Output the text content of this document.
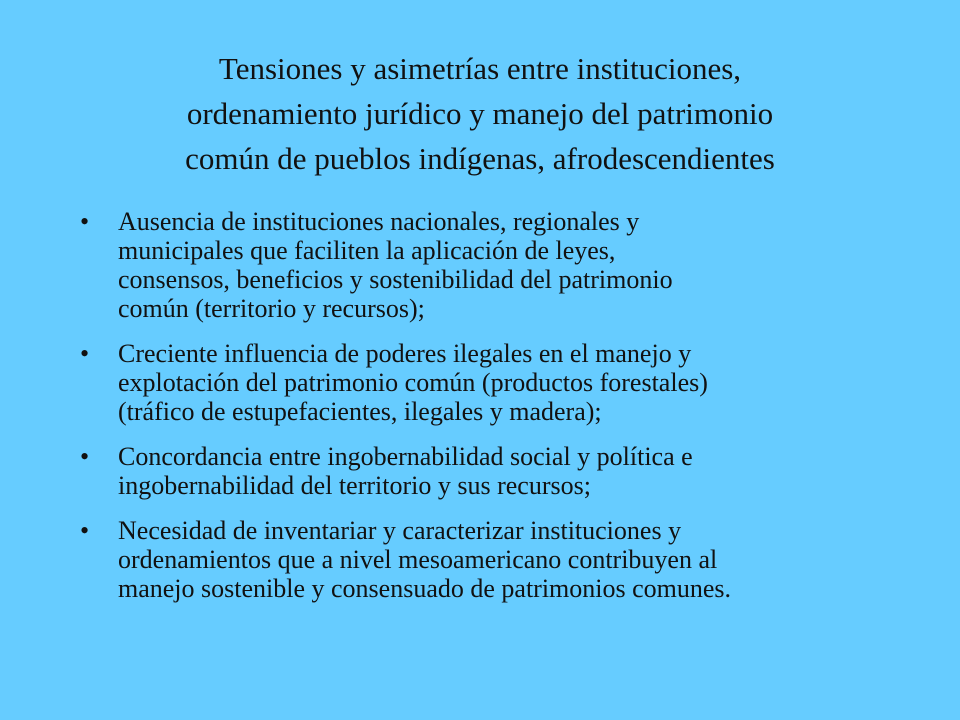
Tensiones y asimetrías entre instituciones,
ordenamiento jurídico y manejo del patrimonio
común de pueblos indígenas, afrodescendientes
• Ausencia de instituciones nacionales, regionales y
municipales que faciliten la aplicación de leyes,
consensos, beneficios y sostenibilidad del patrimonio
común (territorio y recursos);
• Creciente influencia de poderes ilegales en el manejo y
explotación del patrimonio común (productos forestales)
(tráfico de estupefacientes, ilegales y madera);
• Concordancia entre ingobernabilidad social y política e
ingobernabilidad del territorio y sus recursos;
• Necesidad de inventariar y caracterizar instituciones y
ordenamientos que a nivel mesoamericano contribuyen al
manejo sostenible y consensuado de patrimonios comunes.
